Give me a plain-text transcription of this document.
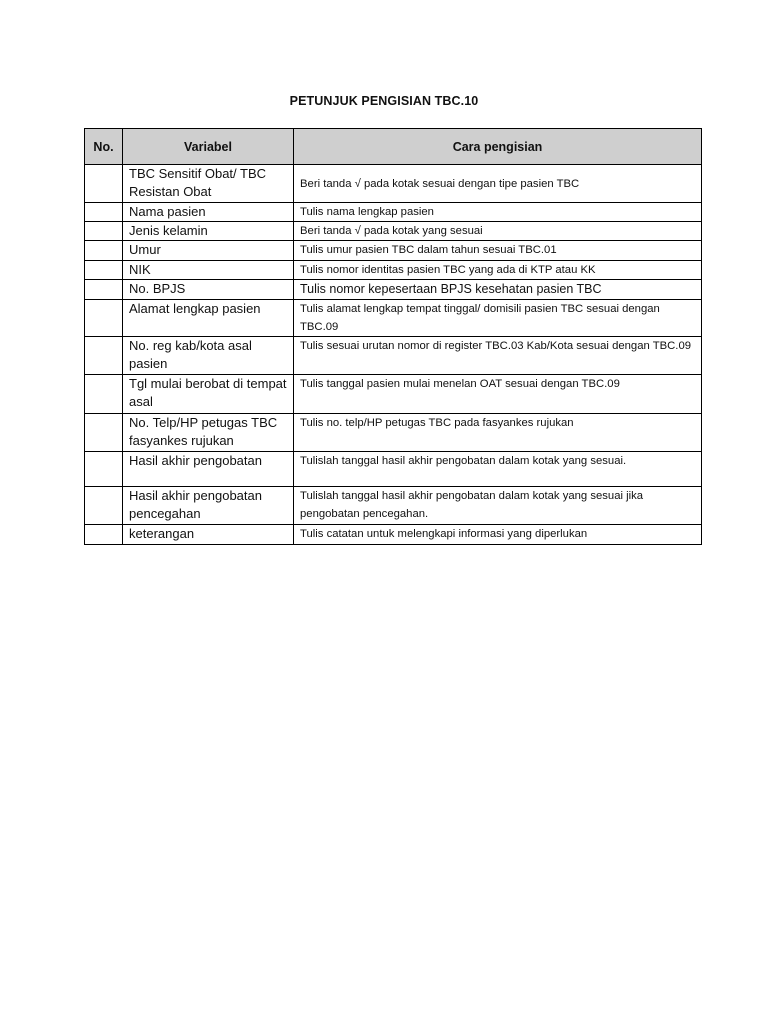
PETUNJUK PENGISIAN TBC.10
No.	Variabel	Cara pengisian
	TBC Sensitif Obat/ TBC Resistan Obat	Beri tanda √ pada kotak sesuai dengan tipe pasien TBC
	Nama pasien	Tulis nama lengkap pasien
	Jenis kelamin	Beri tanda √ pada kotak yang sesuai
	Umur	Tulis umur pasien TBC dalam tahun sesuai TBC.01
	NIK	Tulis nomor identitas pasien TBC yang ada di KTP atau KK
	No. BPJS	Tulis nomor kepesertaan BPJS kesehatan pasien TBC
	Alamat lengkap pasien	Tulis alamat lengkap tempat tinggal/ domisili pasien TBC sesuai dengan TBC.09
	No. reg kab/kota asal pasien	Tulis sesuai urutan nomor di register TBC.03 Kab/Kota sesuai dengan TBC.09
	Tgl mulai berobat di tempat asal	Tulis tanggal pasien mulai menelan OAT sesuai dengan TBC.09
	No. Telp/HP petugas TBC fasyankes rujukan	Tulis no. telp/HP petugas TBC pada fasyankes rujukan
	Hasil akhir pengobatan	Tulislah tanggal hasil akhir pengobatan dalam kotak yang sesuai.
	Hasil akhir pengobatan pencegahan	Tulislah tanggal hasil akhir pengobatan dalam kotak yang sesuai jika pengobatan pencegahan.
	keterangan	Tulis catatan untuk melengkapi informasi yang diperlukan
